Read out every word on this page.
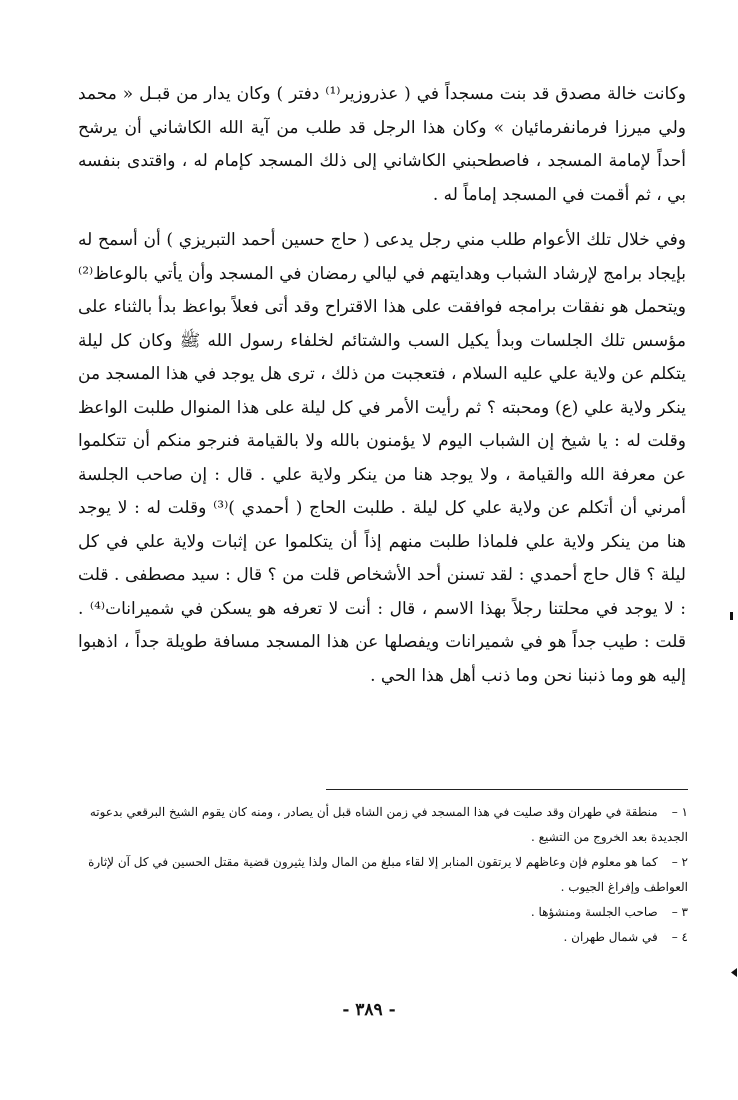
وكانت خالة مصدق قد بنت مسجداً في ( عذروزير⁽¹⁾ دفتر ) وكان يدار من قبـل « محمد ولي ميرزا فرمانفرمائيان » وكان هذا الرجل قد طلب من آية الله الكاشاني أن يرشح أحداً لإمامة المسجد ، فاصطحبني الكاشاني إلى ذلك المسجد كإمام له ، واقتدى بنفسه بي ، ثم أقمت في المسجد إماماً له .

وفي خلال تلك الأعوام طلب مني رجل يدعى ( حاج حسين أحمد التبريزي ) أن أسمح له بإيجاد برامج لإرشاد الشباب وهدايتهم في ليالي رمضان في المسجد وأن يأتي بالوعاظ⁽²⁾ ويتحمل هو نفقات برامجه فوافقت على هذا الاقتراح وقد أتى فعلاً بواعظ بدأ بالثناء على مؤسس تلك الجلسات وبدأ يكيل السب والشتائم لخلفاء رسول الله ﷺ وكان كل ليلة يتكلم عن ولاية علي عليه السلام ، فتعجبت من ذلك ، ترى هل يوجد في هذا المسجد من ينكر ولاية علي (ع) ومحبته ؟ ثم رأيت الأمر في كل ليلة على هذا المنوال طلبت الواعظ وقلت له : يا شيخ إن الشباب اليوم لا يؤمنون بالله ولا بالقيامة فنرجو منكم أن تتكلموا عن معرفة الله والقيامة ، ولا يوجد هنا من ينكر ولاية علي . قال : إن صاحب الجلسة أمرني أن أتكلم عن ولاية علي كل ليلة . طلبت الحاج ( أحمدي )⁽³⁾ وقلت له : لا يوجد هنا من ينكر ولاية علي فلماذا طلبت منهم إذاً أن يتكلموا عن إثبات ولاية علي في كل ليلة ؟ قال حاج أحمدي : لقد تسنن أحد الأشخاص قلت من ؟ قال : سيد مصطفى . قلت : لا يوجد في محلتنا رجلاً بهذا الاسم ، قال : أنت لا تعرفه هو يسكن في شميرانات⁽⁴⁾ . قلت : طيب جداً هو في شميرانات ويفصلها عن هذا المسجد مسافة طويلة جداً ، اذهبوا إليه هو وما ذنبنا نحن وما ذنب أهل هذا الحي .

١ –منطقة في طهران وقد صليت في هذا المسجد في زمن الشاه قبل أن يصادر ، ومنه كان يقوم الشيخ البرقعي بدعوته الجديدة بعد الخروج من التشيع .
٢ –كما هو معلوم فإن وعاظهم لا يرتقون المنابر إلا لقاء مبلغ من المال ولذا يثيرون قضية مقتل الحسين في كل آن لإثارة العواطف وإفراغ الجيوب .
٣ –صاحب الجلسة ومنشؤها .
٤ –في شمال طهران .
- ٣٨٩ -
